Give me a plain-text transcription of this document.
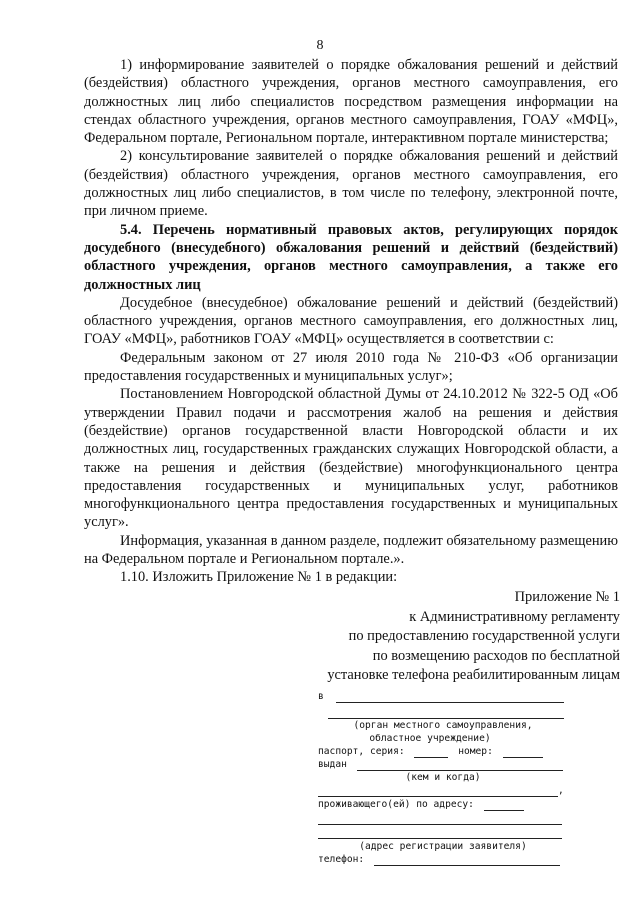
8

1) информирование заявителей о порядке обжалования решений и действий (бездействия) областного учреждения, органов местного самоуправления, его должностных лиц либо специалистов посредством размещения информации на стендах областного учреждения, органов местного самоуправления, ГОАУ «МФЦ», Федеральном портале, Региональном портале, интерактивном портале министерства;

2) консультирование заявителей о порядке обжалования решений и действий (бездействия) областного учреждения, органов местного самоуправления, его должностных лиц либо специалистов, в том числе по телефону, электронной почте, при личном приеме.

5.4. Перечень нормативный правовых актов, регулирующих порядок досудебного (внесудебного) обжалования решений и действий (бездействий) областного учреждения, органов местного самоуправления, а также его должностных лиц

Досудебное (внесудебное) обжалование решений и действий (бездействий) областного учреждения, органов местного самоуправления, его должностных лиц, ГОАУ «МФЦ», работников ГОАУ «МФЦ» осуществляется в соответствии с:

Федеральным законом от 27 июля 2010 года № 210-ФЗ «Об организации предоставления государственных и муниципальных услуг»;

Постановлением Новгородской областной Думы от 24.10.2012 № 322-5 ОД «Об утверждении Правил подачи и рассмотрения жалоб на решения и действия (бездействие) органов государственной власти Новгородской области и их должностных лиц, государственных гражданских служащих Новгородской области, а также на решения и действия (бездействие) многофункционального центра предоставления государственных и муниципальных услуг, работников многофункционального центра предоставления государственных и муниципальных услуг».

Информация, указанная в данном разделе, подлежит обязательному размещению на Федеральном портале и Региональном портале.».

1.10. Изложить Приложение № 1 в редакции:

Приложение № 1
к Административному регламенту
по предоставлению государственной услуги
по возмещению расходов по бесплатной
установке телефона реабилитированным лицам
в
(орган местного самоуправления,
областное учреждение)
паспорт, серия:	номер:
выдан
(кем и когда)
,
проживающего(ей) по адресу:
(адрес регистрации заявителя)
телефон:
